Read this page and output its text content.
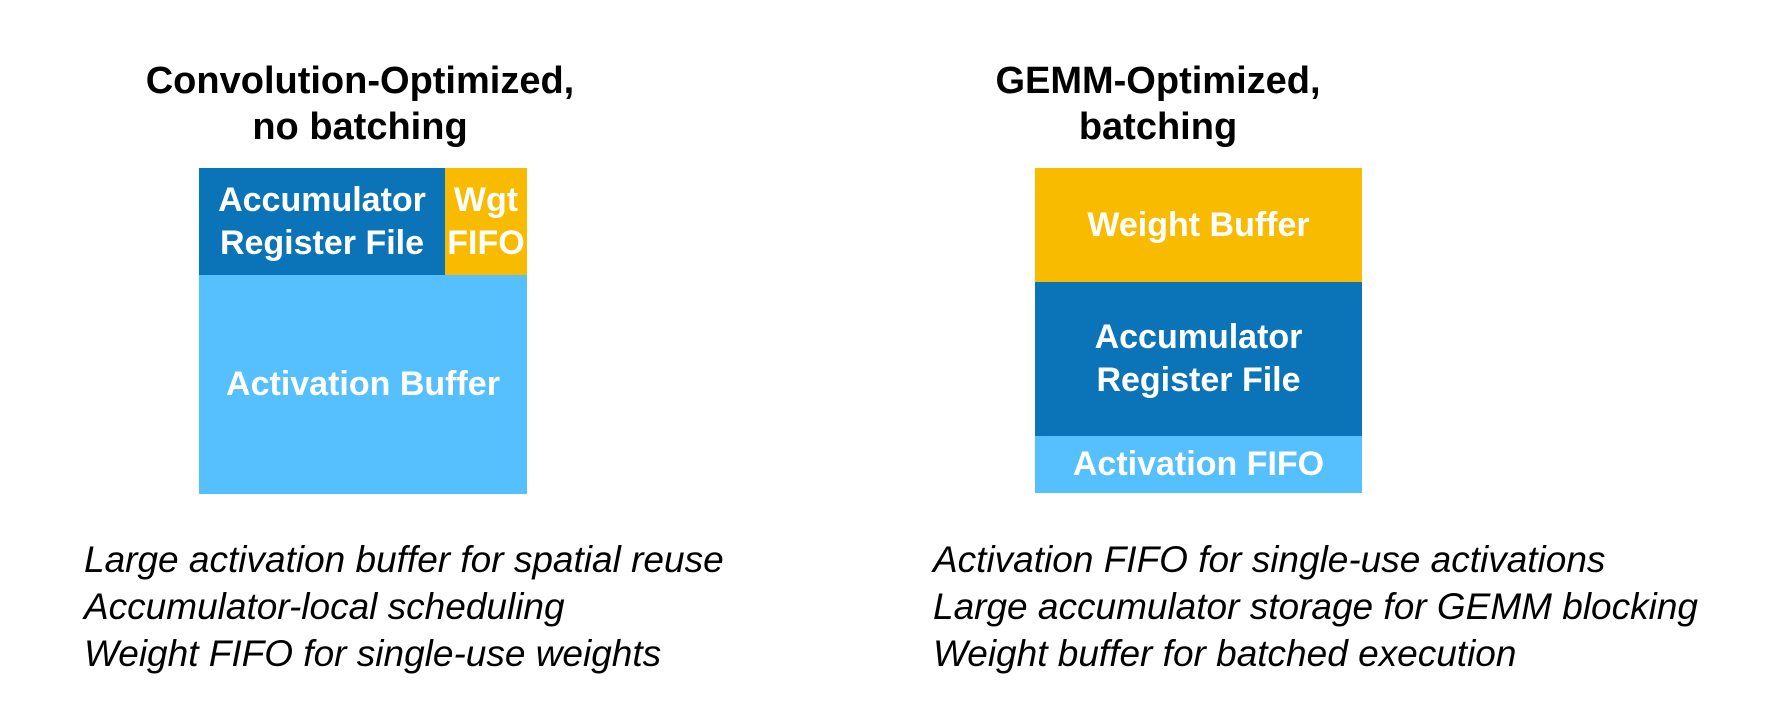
Convolution-Optimized,
no batching
Accumulator
Register File
Wgt
FIFO
Activation Buffer
Large activation buffer for spatial reuse
Accumulator-local scheduling
Weight FIFO for single-use weights
GEMM-Optimized,
batching
Weight Buffer
Accumulator
Register File
Activation FIFO
Activation FIFO for single-use activations
Large accumulator storage for GEMM blocking
Weight buffer for batched execution
